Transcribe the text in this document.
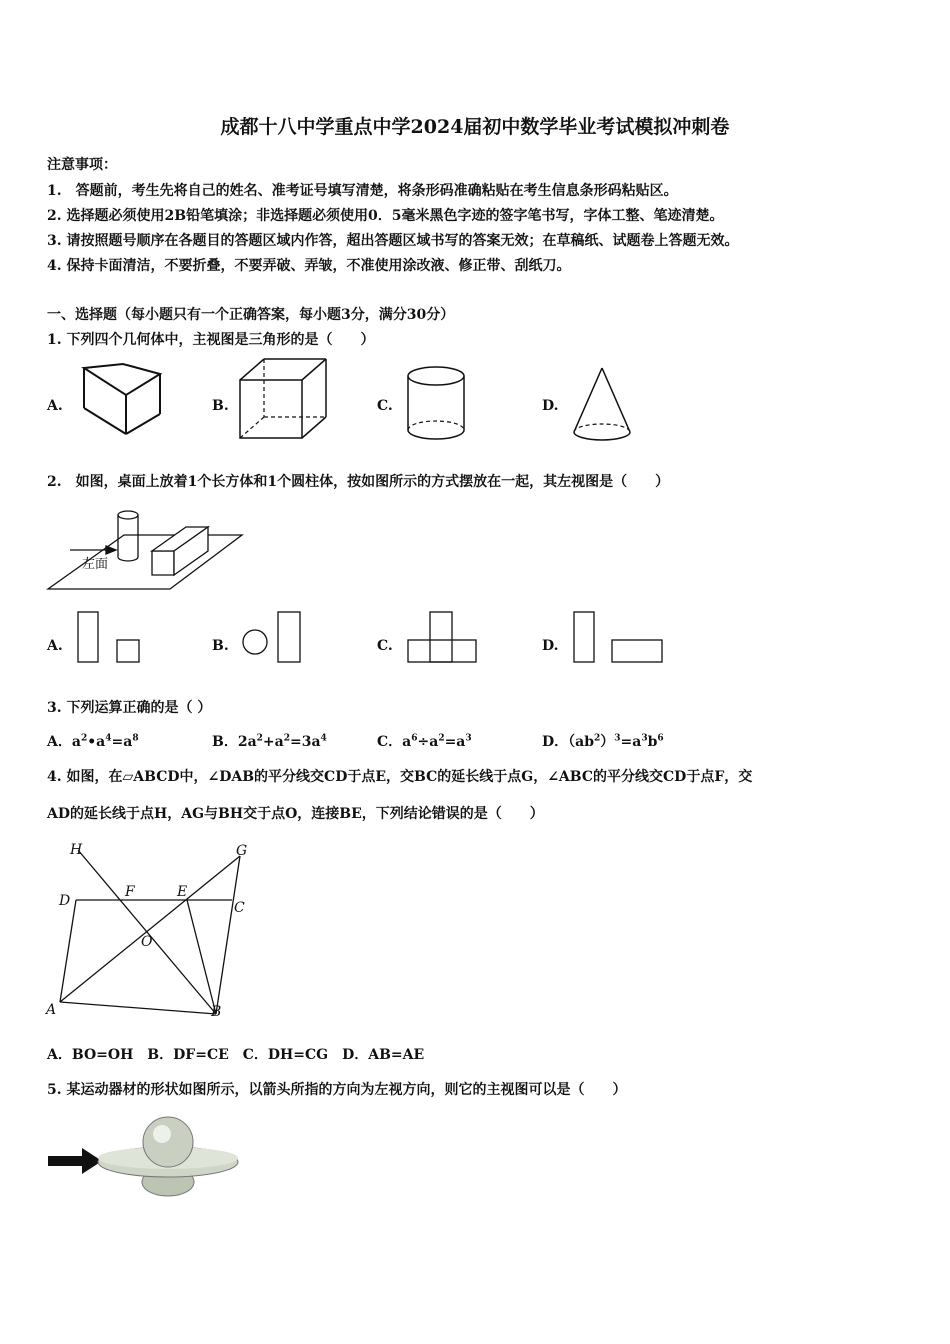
成都十八中学重点中学2024届初中数学毕业考试模拟冲刺卷
注意事项：
1.　答题前，考生先将自己的姓名、准考证号填写清楚，将条形码准确粘贴在考生信息条形码粘贴区。
2. 选择题必须使用2B铅笔填涂；非选择题必须使用0．5毫米黑色字迹的签字笔书写，字体工整、笔迹清楚。
3. 请按照题号顺序在各题目的答题区域内作答，超出答题区域书写的答案无效；在草稿纸、试题卷上答题无效。
4. 保持卡面清洁，不要折叠，不要弄破、弄皱，不准使用涂改液、修正带、刮纸刀。
一、选择题（每小题只有一个正确答案，每小题3分，满分30分）
1. 下列四个几何体中，主视图是三角形的是（　　）
A.	B.	C.	D.
2.　如图，桌面上放着1个长方体和1个圆柱体，按如图所示的方式摆放在一起，其左视图是（　　）
左面
A.	B.	C.	D.
3. 下列运算正确的是（ ）
A．$a^2•a^4=a^8$	B．$2a^2+a^2=3a^4$	C．$a^6\div a^2=a^3$	D．$(ab^2)^3=a^3b^6$
4. 如图，在▱ABCD中，∠DAB的平分线交CD于点E，交BC的延长线于点G，∠ABC的平分线交CD于点F，交
AD的延长线于点H，AG与BH交于点O，连接BE，下列结论错误的是（　　）
H	G
D
F	E
C
O
A	B
A．BO=OH　B．DF=CE　C．DH=CG　D．AB=AE
5. 某运动器材的形状如图所示，以箭头所指的方向为左视方向，则它的主视图可以是（　　）
